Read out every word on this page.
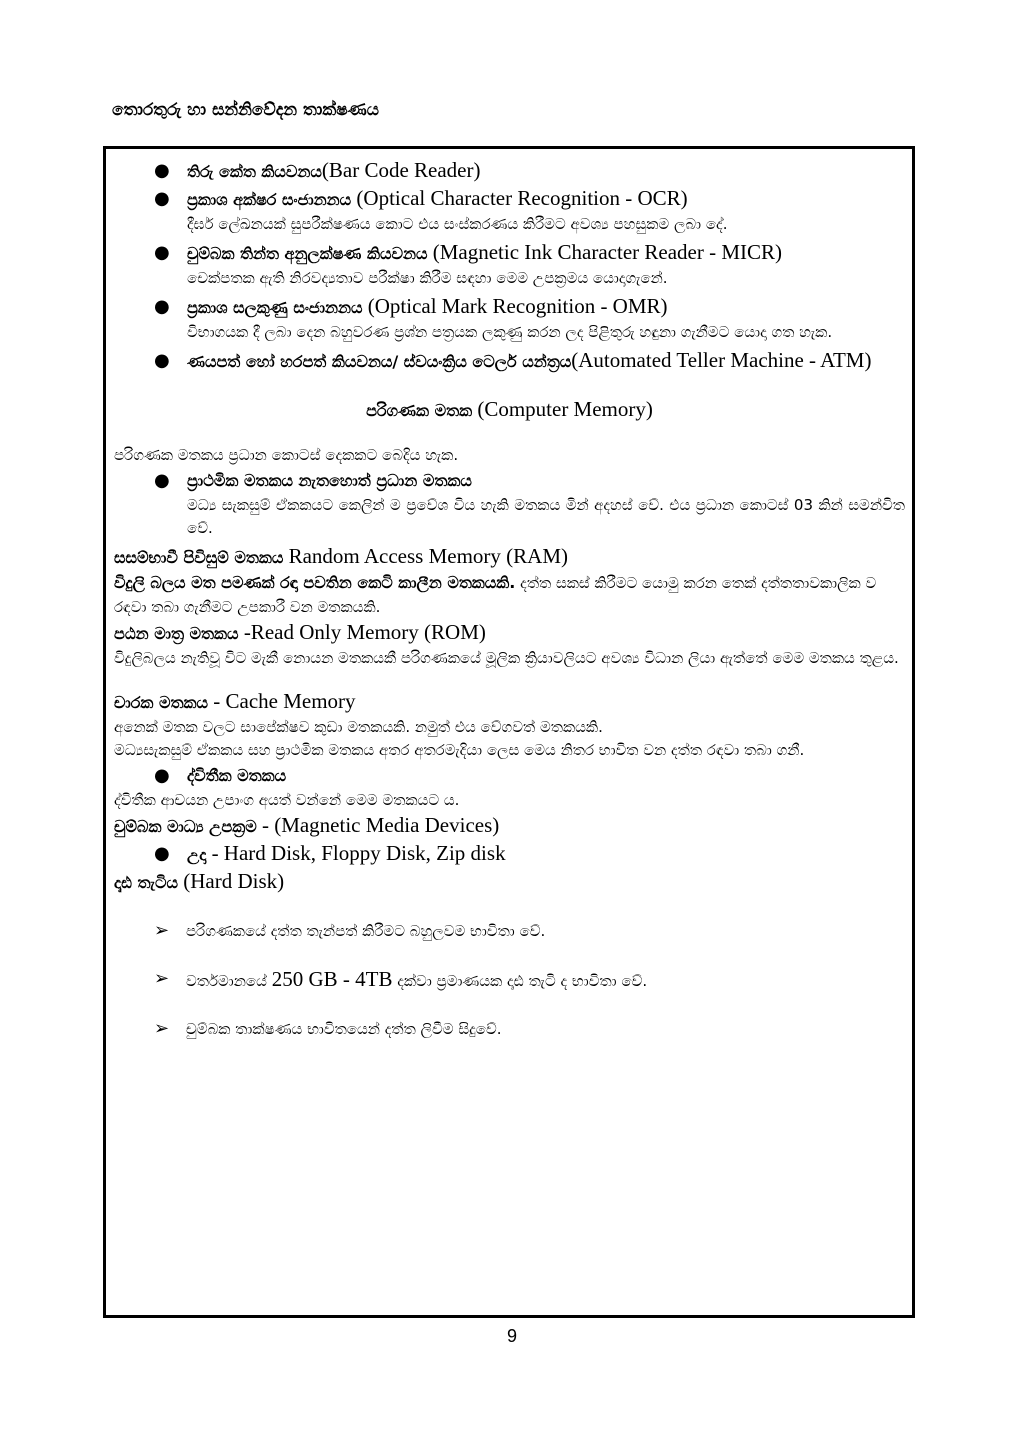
තොරතුරු හා සන්නිවේදන තාක්ෂණය

● තිරු කේත කියවනය(Bar Code Reader)

● ප්‍රකාශ අක්ෂර සංජානනය (Optical Character Recognition - OCR)

දීර්ඝ ලේඛනයක් සුපරීක්ෂණය කොට එය සංස්කරණය කිරීමට අවශ්‍ය පහසුකම ලබා දේ.

● චුම්බක තින්ත අනුලක්ෂණ කියවනය (Magnetic Ink Character Reader - MICR)

චෙක්පතක ඇති නිරවද්‍යතාව පරීක්ෂා කිරීම සඳහා මෙම උපක්‍රමය යොදාගැනේ.

● ප්‍රකාශ සලකුණු සංජානනය (Optical Mark Recognition - OMR)

විභාගයක දී ලබා දෙන බහුවරණ ප්‍රශ්න පත්‍රයක ලකුණු කරන ලද පිළිතුරු හඳුනා ගැනීමට යොදා ගත හැක.

● ණයපත් හෝ හරපත් කියවනය/ ස්වයංක්‍රිය ටෙලර් යන්ත්‍රය(Automated Teller Machine - ATM)

පරිගණක මතක (Computer Memory)

පරිගණක මතකය ප්‍රධාන කොටස් දෙකකට බෙදිය හැක.

● ප්‍රාථමික මතකය නැතහොත් ප්‍රධාන මතකය

මධ්‍ය සැකසුම් ඒකකයට කෙලින් ම ප්‍රවේශ විය හැකි මතකය මින් අදහස් වේ. එය ප්‍රධාන කොටස් 03 කින් සමන්විත වේ.

සසම්භාවී පිවිසුම් මතකය Random Access Memory (RAM)

විදුලි බලය මත පමණක් රඳා පවතින කෙටි කාලීන මතකයකි. දත්ත සකස් කිරීමට යොමු කරන තෙක් දත්තතාවකාලික ව රඳවා තබා ගැනීමට උපකාරී වන මතකයකි.

පඨන මාත්‍ර මතකය -Read Only Memory (ROM)

විදුලිබලය නැතිවූ විට මැකී නොයන මතකයකී පරිගණකයේ මූලික ක්‍රියාවලියට අවශ්‍ය විධාන ලියා ඇත්තේ මෙම මතකය තුළය.

චාරක මතකය - Cache Memory

අනෙක් මතක වලට සාපේක්ෂව කුඩා මතකයකි. නමුත් එය වේගවත් මතකයකි.

මධ්‍යසැකසුම් ඒකකය සහ ප්‍රාථමික මතකය අතර අතරමැදියා ලෙස මෙය නිතර භාවිත වන දත්ත රඳවා තබා ගනී.

● ද්විතීක මතකය

ද්විතීක ආචයන උපාංග අයත් වන්නේ මෙම මතකයට ය.

චුම්බක මාධ්‍ය උපක්‍රම - (Magnetic Media Devices)

● උදා - Hard Disk, Floppy Disk, Zip disk

දෘඪ තැටිය (Hard Disk)

➢ පරිගණකයේ දත්ත තැන්පත් කිරීමට බහුලවම භාවිතා වේ.

➢ වර්තමානයේ 250 GB - 4TB දක්වා ප්‍රමාණයක දෘඪ තැටි ද භාවිතා වේ.

➢ චුම්බක තාක්ෂණය භාවිතයෙන් දත්ත ලිවීම සිදුවේ.

9
